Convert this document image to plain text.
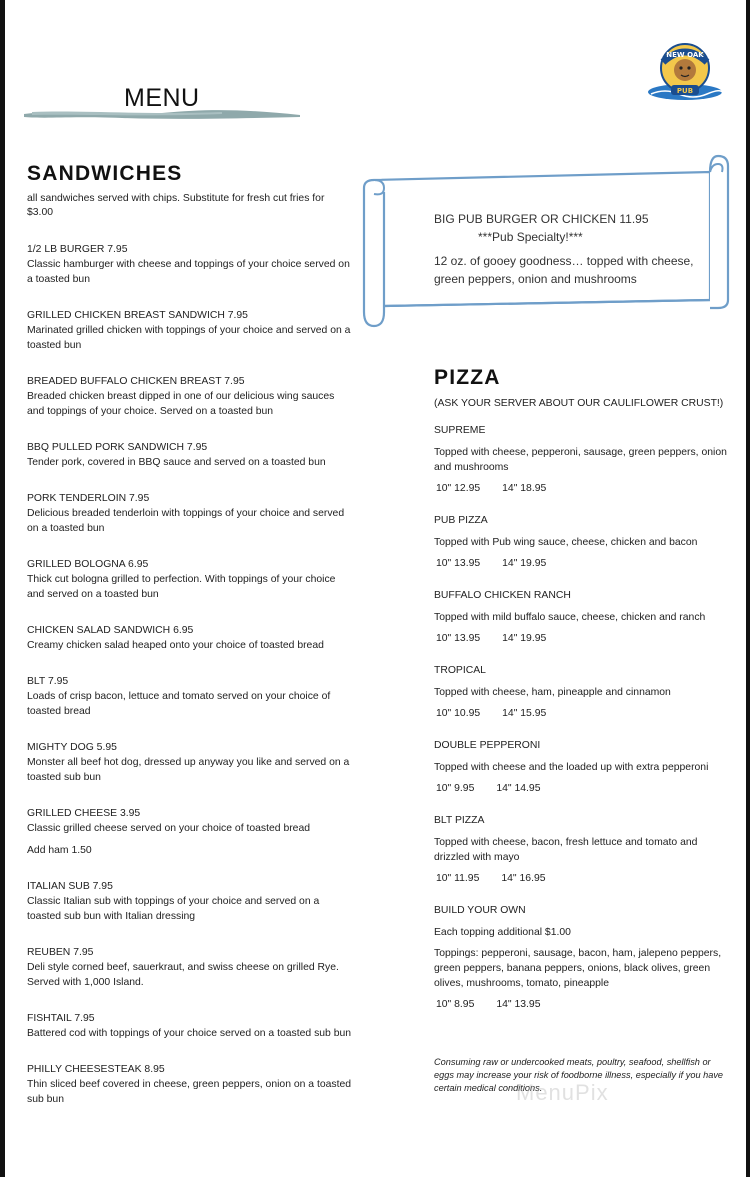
MENU
NEW OAK
PUB
SANDWICHES
all sandwiches served with chips. Substitute for fresh cut fries for $3.00
1/2 LB BURGER 7.95
Classic hamburger with cheese and toppings of your choice served on a toasted bun
GRILLED CHICKEN BREAST SANDWICH 7.95
Marinated grilled chicken with toppings of your choice and served on a toasted bun
BREADED BUFFALO CHICKEN BREAST 7.95
Breaded chicken breast dipped in one of our delicious wing sauces and toppings of your choice. Served on a toasted bun
BBQ PULLED PORK SANDWICH 7.95
Tender pork, covered in BBQ sauce and served on a toasted bun
PORK TENDERLOIN 7.95
Delicious breaded tenderloin with toppings of your choice and served on a toasted bun
GRILLED BOLOGNA 6.95
Thick cut bologna grilled to perfection. With toppings of your choice and served on a toasted bun
CHICKEN SALAD SANDWICH 6.95
Creamy chicken salad heaped onto your choice of toasted bread
BLT 7.95
Loads of crisp bacon, lettuce and tomato served on your choice of toasted bread
MIGHTY DOG 5.95
Monster all beef hot dog, dressed up anyway you like and served on a toasted sub bun
GRILLED CHEESE 3.95
Classic grilled cheese served on your choice of toasted bread
Add ham 1.50
ITALIAN SUB 7.95
Classic Italian sub with toppings of your choice and served on a toasted sub bun with Italian dressing
REUBEN 7.95
Deli style corned beef, sauerkraut, and swiss cheese on grilled Rye. Served with 1,000 Island.
FISHTAIL 7.95
Battered cod with toppings of your choice served on a toasted sub bun
PHILLY CHEESESTEAK 8.95
Thin sliced beef covered in cheese, green peppers, onion on a toasted sub bun
BIG PUB BURGER OR CHICKEN 11.95
***Pub Specialty!***
12 oz. of gooey goodness… topped with cheese, green peppers, onion and mushrooms
PIZZA
(ASK YOUR SERVER ABOUT OUR CAULIFLOWER CRUST!)
SUPREME
Topped with cheese, pepperoni, sausage, green peppers, onion and mushrooms
10" 12.95 14" 18.95
PUB PIZZA
Topped with Pub wing sauce, cheese, chicken and bacon
10" 13.95 14" 19.95
BUFFALO CHICKEN RANCH
Topped with mild buffalo sauce, cheese, chicken and ranch
10" 13.95 14" 19.95
TROPICAL
Topped with cheese, ham, pineapple and cinnamon
10" 10.95 14" 15.95
DOUBLE PEPPERONI
Topped with cheese and the loaded up with extra pepperoni
10" 9.95 14" 14.95
BLT PIZZA
Topped with cheese, bacon, fresh lettuce and tomato and drizzled with mayo
10" 11.95 14" 16.95
BUILD YOUR OWN
Each topping additional $1.00
Toppings: pepperoni, sausage, bacon, ham, jalepeno peppers, green peppers, banana peppers, onions, black olives, green olives, mushrooms, tomato, pineapple
10" 8.95 14" 13.95
Consuming raw or undercooked meats, poultry, seafood, shellfish or eggs may increase your risk of foodborne illness, especially if you have certain medical conditions.
MenuPix
